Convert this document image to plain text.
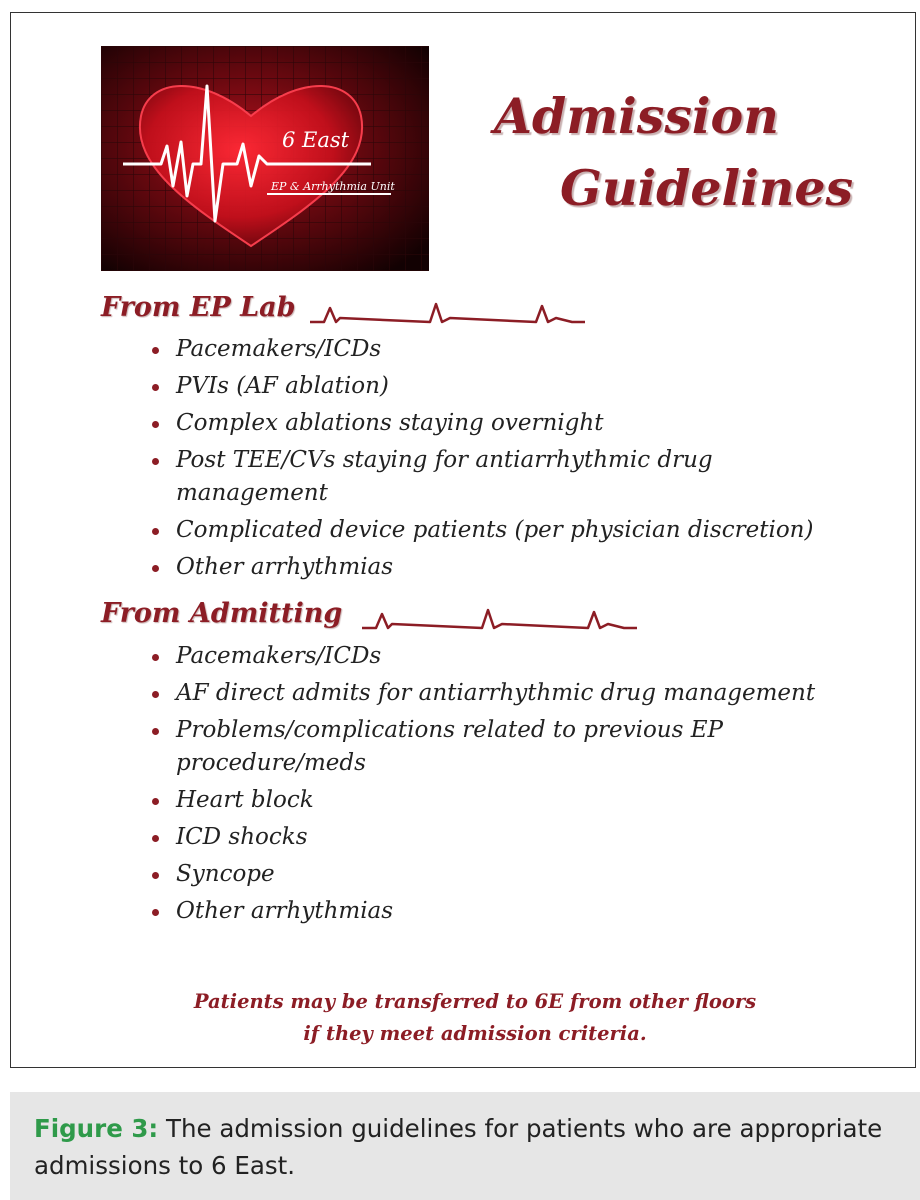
6 East
EP & Arrhythmia Unit
Admission
Guidelines
From EP Lab
Pacemakers/ICDs
PVIs (AF ablation)
Complex ablations staying overnight
Post TEE/CVs staying for antiarrhythmic drug management
Complicated device patients (per physician discretion)
Other arrhythmias
From Admitting
Pacemakers/ICDs
AF direct admits for antiarrhythmic drug management
Problems/complications related to previous EP procedure/meds
Heart block
ICD shocks
Syncope
Other arrhythmias
Patients may be transferred to 6E from other floors
if they meet admission criteria.
Figure 3: The admission guidelines for patients who are appropriate admissions to 6 East.
